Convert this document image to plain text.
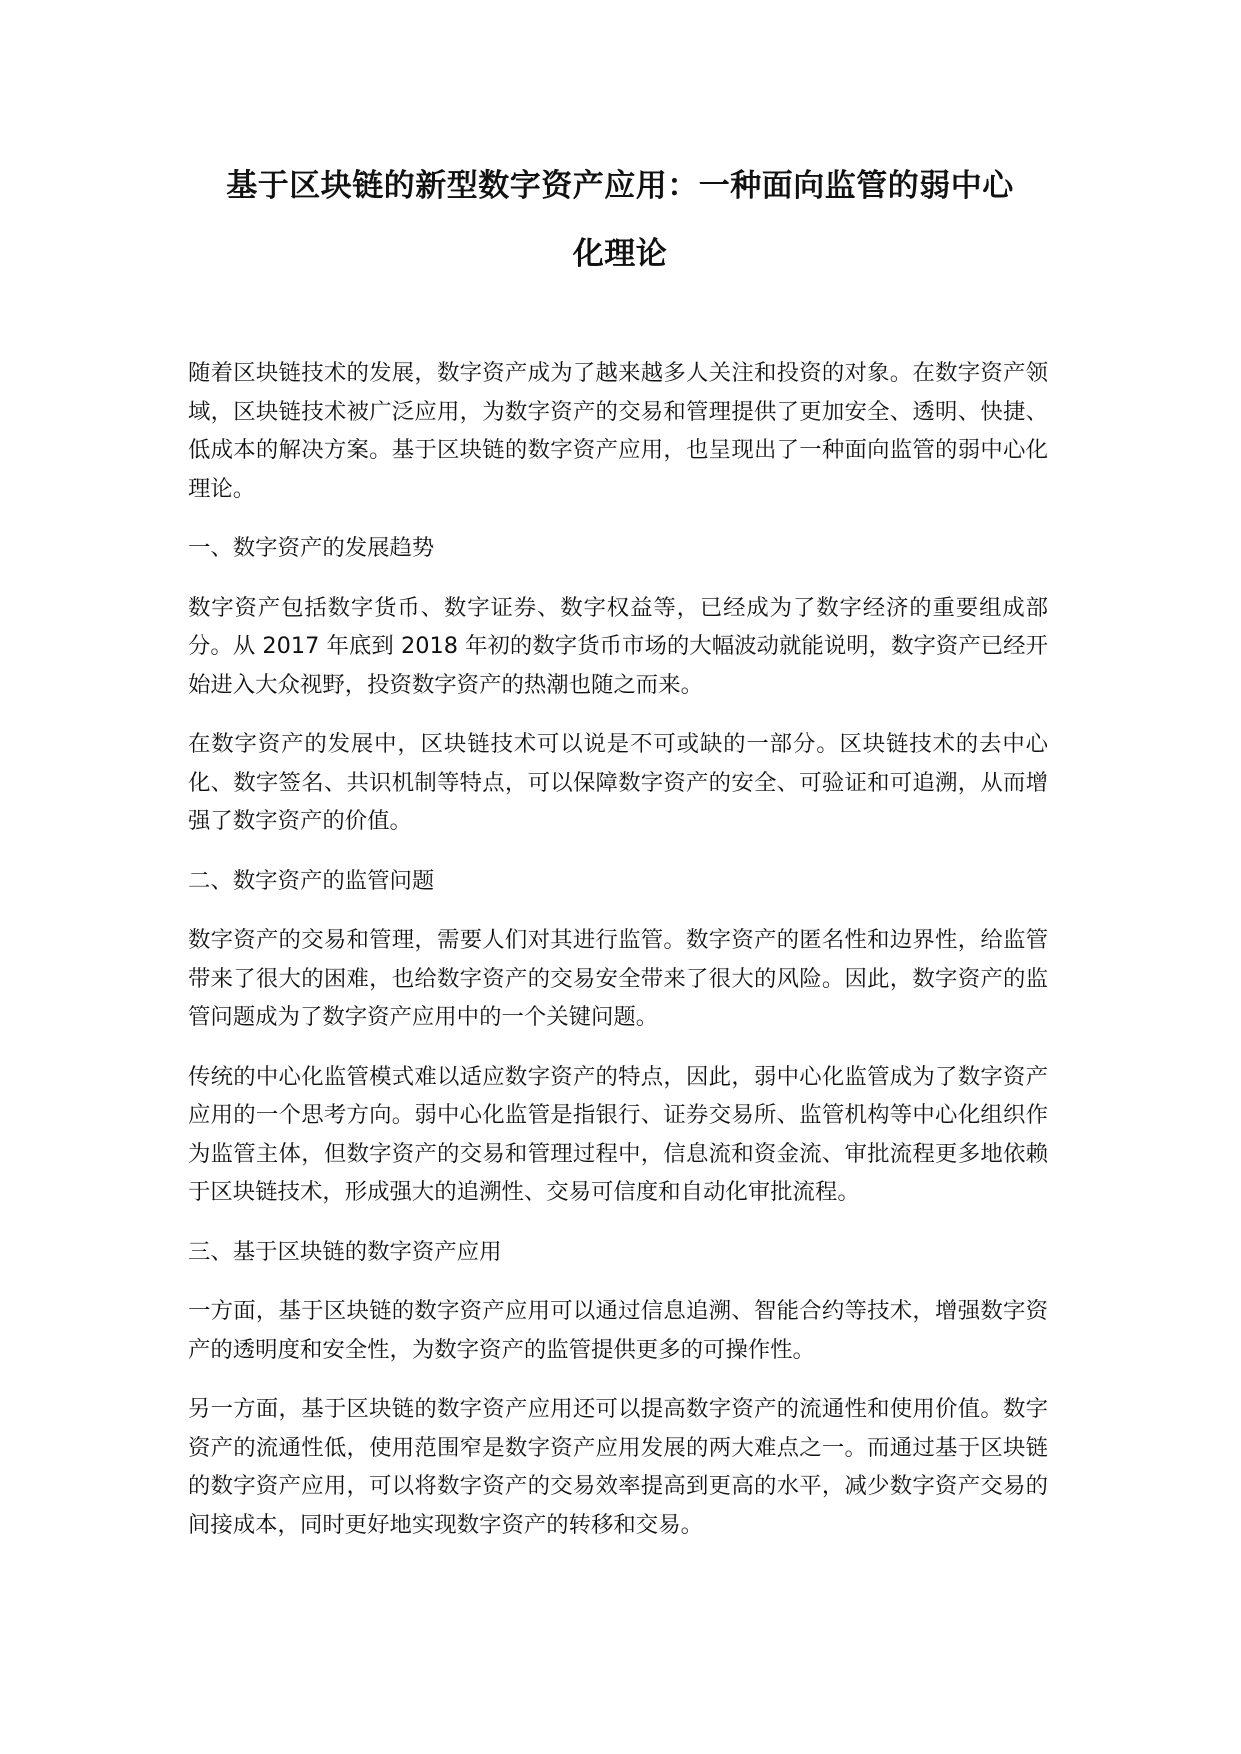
基于区块链的新型数字资产应用：一种面向监管的弱中心
化理论

随着区块链技术的发展，数字资产成为了越来越多人关注和投资的对象。在数字资产领域，区块链技术被广泛应用，为数字资产的交易和管理提供了更加安全、透明、快捷、低成本的解决方案。基于区块链的数字资产应用，也呈现出了一种面向监管的弱中心化理论。

一、数字资产的发展趋势

数字资产包括数字货币、数字证券、数字权益等，已经成为了数字经济的重要组成部分。从 2017 年底到 2018 年初的数字货币市场的大幅波动就能说明，数字资产已经开始进入大众视野，投资数字资产的热潮也随之而来。

在数字资产的发展中，区块链技术可以说是不可或缺的一部分。区块链技术的去中心化、数字签名、共识机制等特点，可以保障数字资产的安全、可验证和可追溯，从而增强了数字资产的价值。

二、数字资产的监管问题

数字资产的交易和管理，需要人们对其进行监管。数字资产的匿名性和边界性，给监管带来了很大的困难，也给数字资产的交易安全带来了很大的风险。因此，数字资产的监管问题成为了数字资产应用中的一个关键问题。

传统的中心化监管模式难以适应数字资产的特点，因此，弱中心化监管成为了数字资产应用的一个思考方向。弱中心化监管是指银行、证券交易所、监管机构等中心化组织作为监管主体，但数字资产的交易和管理过程中，信息流和资金流、审批流程更多地依赖于区块链技术，形成强大的追溯性、交易可信度和自动化审批流程。

三、基于区块链的数字资产应用

一方面，基于区块链的数字资产应用可以通过信息追溯、智能合约等技术，增强数字资产的透明度和安全性，为数字资产的监管提供更多的可操作性。

另一方面，基于区块链的数字资产应用还可以提高数字资产的流通性和使用价值。数字资产的流通性低，使用范围窄是数字资产应用发展的两大难点之一。而通过基于区块链的数字资产应用，可以将数字资产的交易效率提高到更高的水平，减少数字资产交易的间接成本，同时更好地实现数字资产的转移和交易。
